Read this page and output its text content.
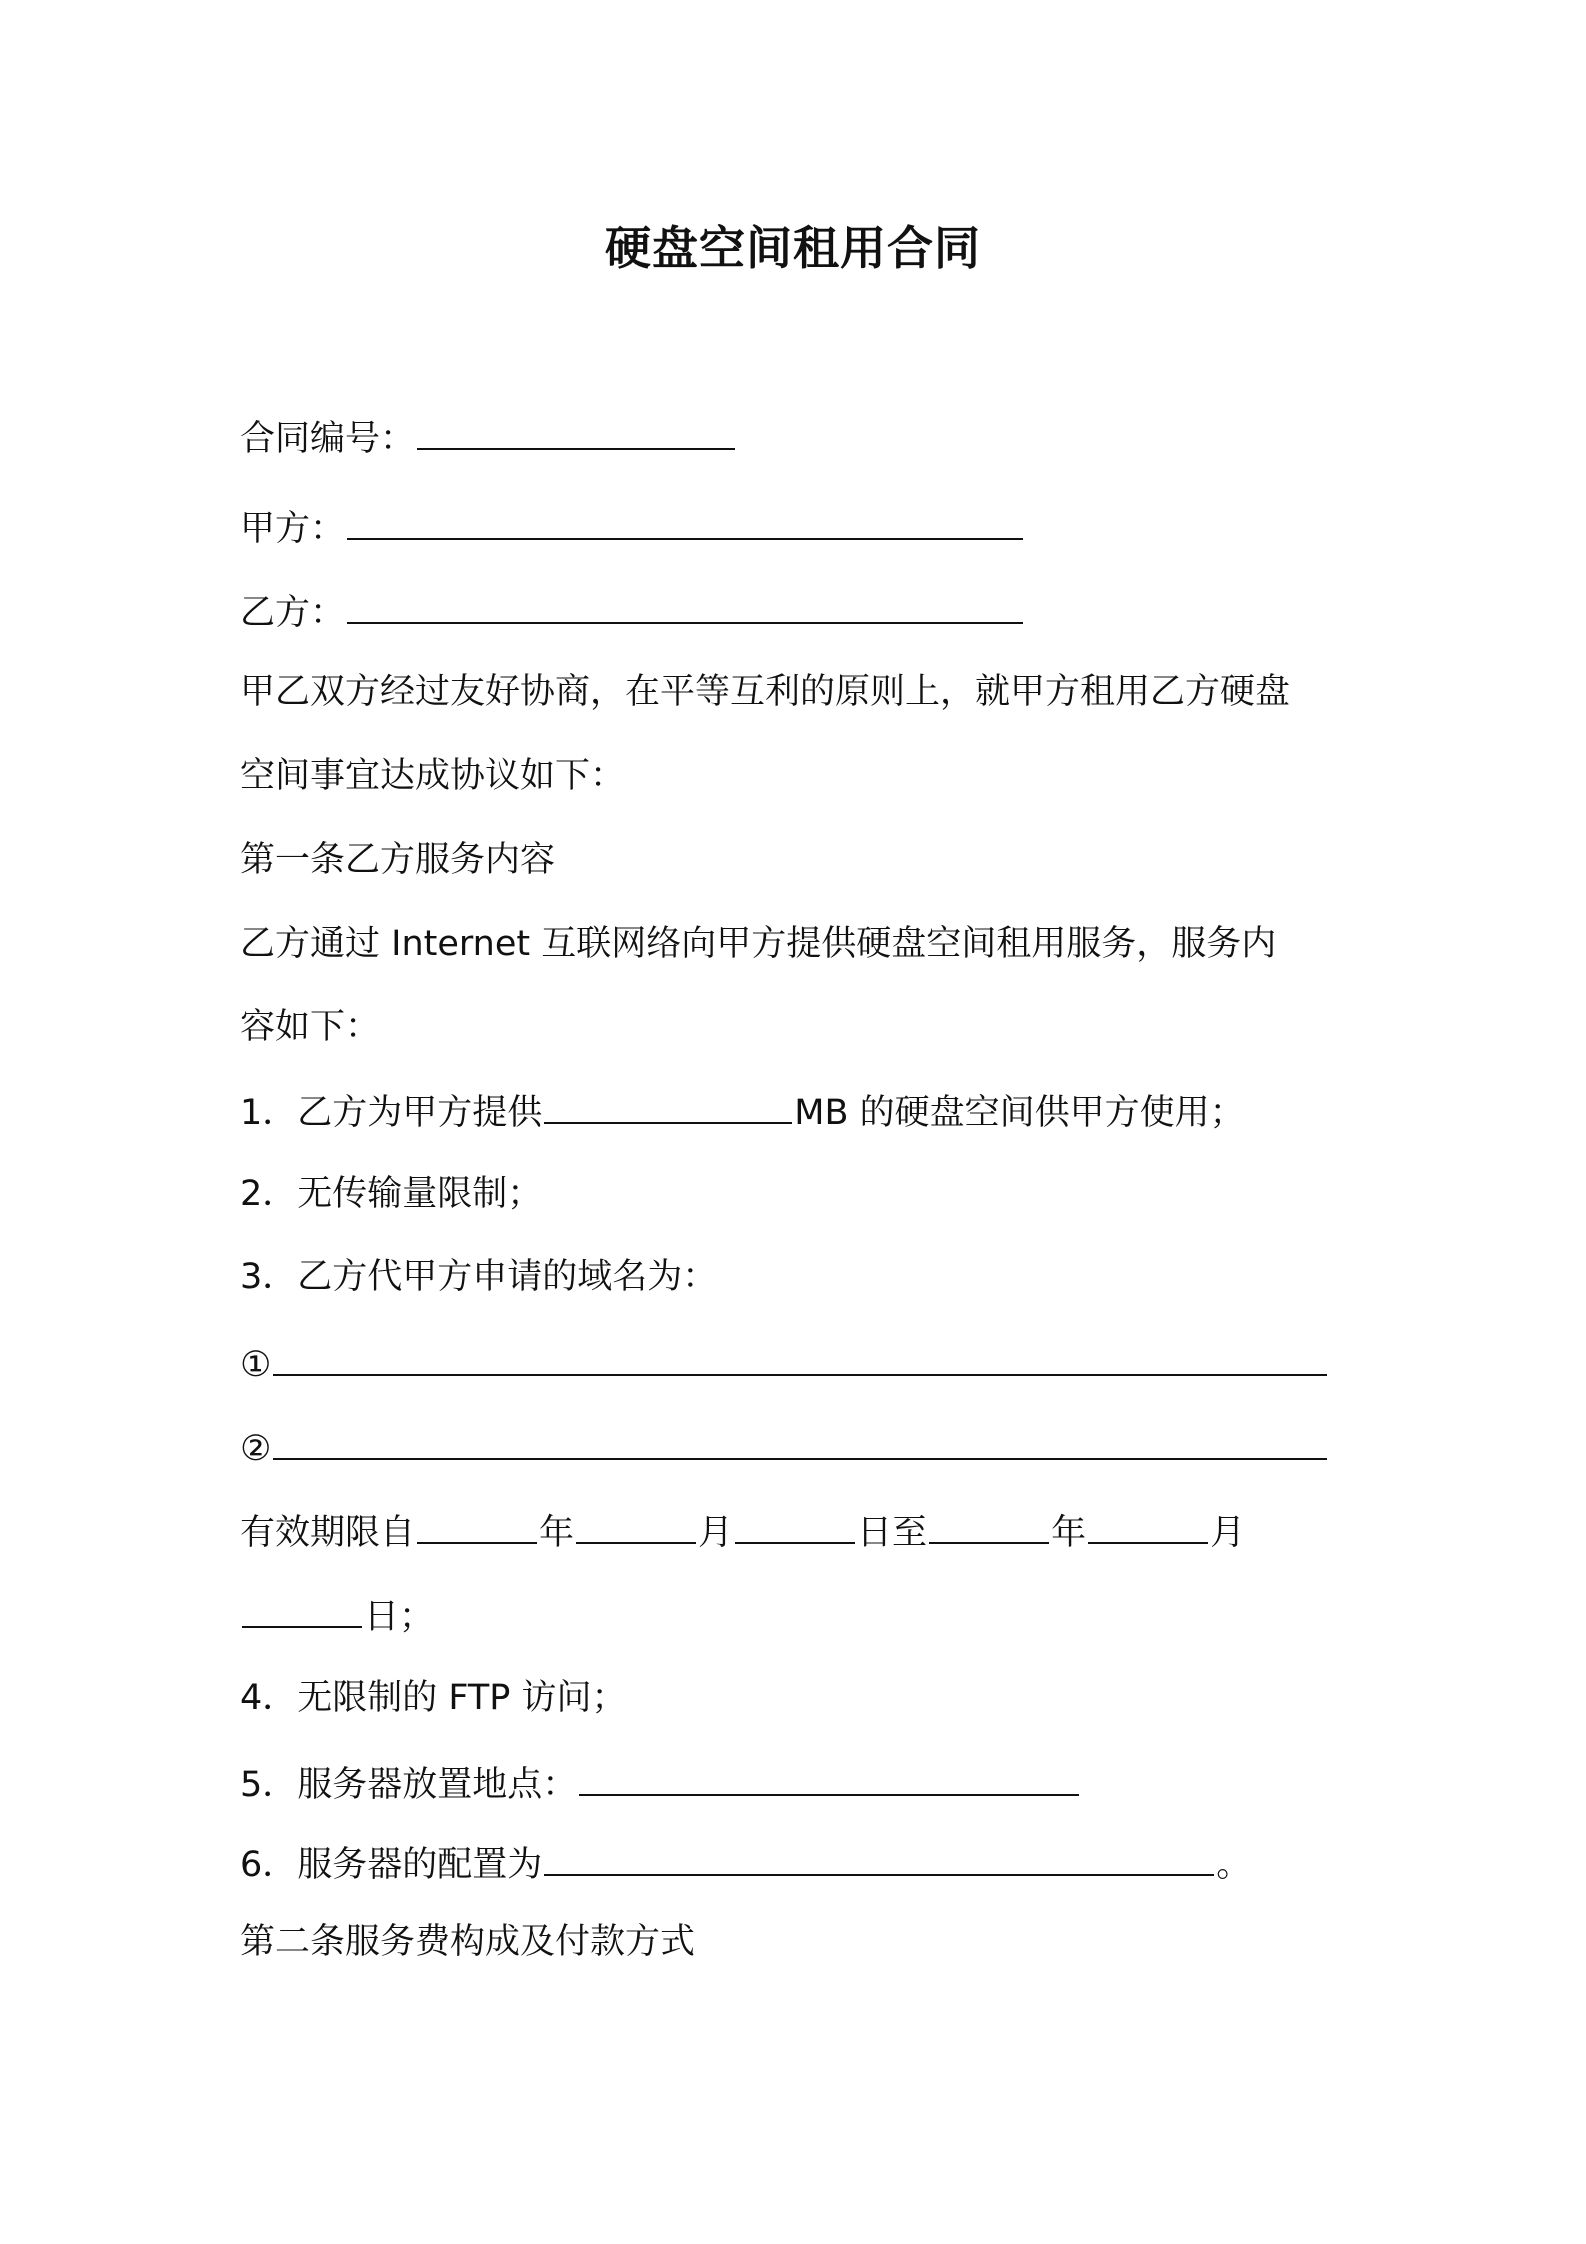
硬盘空间租用合同
合同编号：
甲方：
乙方：
甲乙双方经过友好协商，在平等互利的原则上，就甲方租用乙方硬盘
空间事宜达成协议如下：
第一条乙方服务内容
乙方通过 Internet 互联网络向甲方提供硬盘空间租用服务，服务内
容如下：
1．乙方为甲方提供	MB 的硬盘空间供甲方使用；
2．无传输量限制；
3．乙方代甲方申请的域名为：
①
②
有效期限自	年	月	日至	年	月
日；
4．无限制的 FTP 访问；
5．服务器放置地点：
6．服务器的配置为	。
第二条服务费构成及付款方式
